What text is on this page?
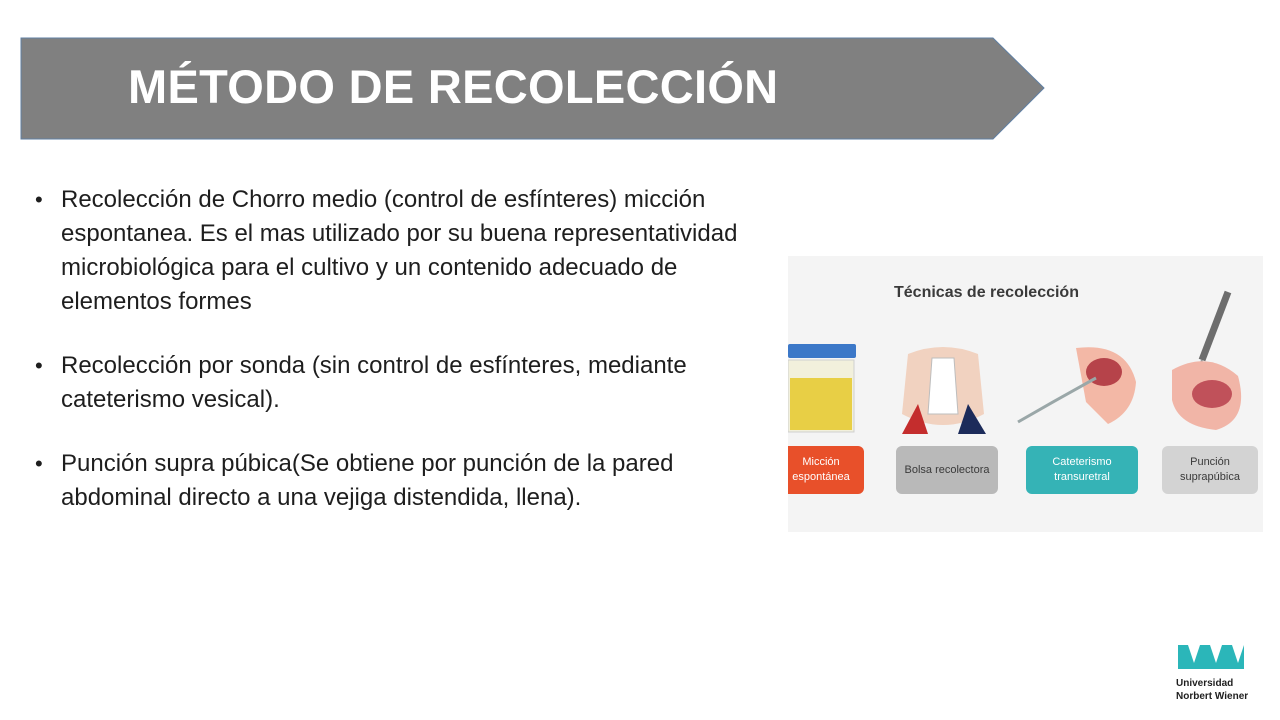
MÉTODO DE RECOLECCIÓN
• Recolección de Chorro medio (control de esfínteres) micción espontanea. Es el mas utilizado por su buena representatividad microbiológica para el cultivo y un contenido adecuado de elementos formes
• Recolección por sonda (sin control de esfínteres, mediante cateterismo vesical).
• Punción supra púbica(Se obtiene por punción de la pared abdominal directo a una vejiga distendida, llena).
Técnicas de recolección
Micción espontánea
Bolsa recolectora
Cateterismo transuretral
Punción suprapúbica
Universidad
Norbert Wiener
